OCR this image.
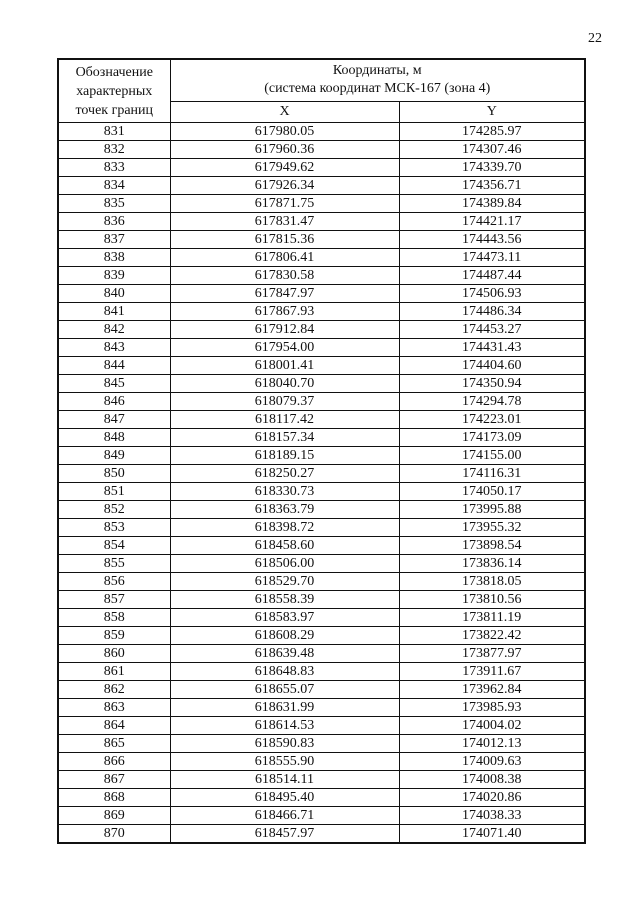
22
Обозначение
характерных
точек границ	Координаты, м
(система координат МСК-167 (зона 4)	

	X	Y
831	617980.05	174285.97
832	617960.36	174307.46
833	617949.62	174339.70
834	617926.34	174356.71
835	617871.75	174389.84
836	617831.47	174421.17
837	617815.36	174443.56
838	617806.41	174473.11
839	617830.58	174487.44
840	617847.97	174506.93
841	617867.93	174486.34
842	617912.84	174453.27
843	617954.00	174431.43
844	618001.41	174404.60
845	618040.70	174350.94
846	618079.37	174294.78
847	618117.42	174223.01
848	618157.34	174173.09
849	618189.15	174155.00
850	618250.27	174116.31
851	618330.73	174050.17
852	618363.79	173995.88
853	618398.72	173955.32
854	618458.60	173898.54
855	618506.00	173836.14
856	618529.70	173818.05
857	618558.39	173810.56
858	618583.97	173811.19
859	618608.29	173822.42
860	618639.48	173877.97
861	618648.83	173911.67
862	618655.07	173962.84
863	618631.99	173985.93
864	618614.53	174004.02
865	618590.83	174012.13
866	618555.90	174009.63
867	618514.11	174008.38
868	618495.40	174020.86
869	618466.71	174038.33
870	618457.97	174071.40
